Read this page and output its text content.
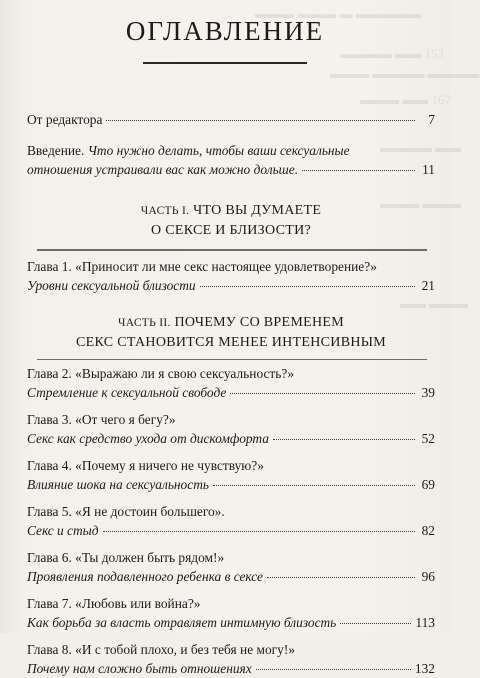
▬▬▬ ▬▬▬ ▬ ▬▬▬▬▬
▬▬▬▬ ▬▬ 153
▬▬▬ ▬▬▬▬ ▬▬▬▬
▬▬▬ ▬▬ 167
▬▬▬▬ ▬▬
▬▬▬ ▬▬▬
▬▬ ▬▬▬
ОГЛАВЛЕНИЕ
От редактора	7
Введение. Что нужно делать, чтобы ваши сексуальные
отношения устраивали вас как можно дольше.	11
ЧАСТЬ I. ЧТО ВЫ ДУМАЕТЕ
О СЕКСЕ И БЛИЗОСТИ?
Глава 1. «Приносит ли мне секс настоящее удовлетворение?»
Уровни сексуальной близости	21
ЧАСТЬ II. ПОЧЕМУ СО ВРЕМЕНЕМ
СЕКС СТАНОВИТСЯ МЕНЕЕ ИНТЕНСИВНЫМ
Глава 2. «Выражаю ли я свою сексуальность?»
Стремление к сексуальной свободе	39
Глава 3. «От чего я бегу?»
Секс как средство ухода от дискомфорта	52
Глава 4. «Почему я ничего не чувствую?»
Влияние шока на сексуальность	69
Глава 5. «Я не достоин большего».
Секс и стыд	82
Глава 6. «Ты должен быть рядом!»
Проявления подавленного ребенка в сексе	96
Глава 7. «Любовь или война?»
Как борьба за власть отравляет интимную близость	113
Глава 8. «И с тобой плохо, и без тебя не могу!»
Почему нам сложно быть отношениях	132
